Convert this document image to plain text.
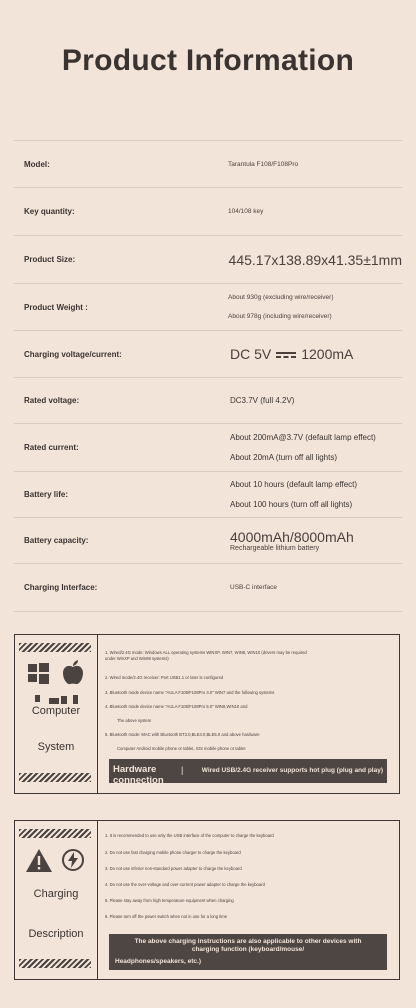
Product Information
Model:	Tarantula F108/F108Pro
Key quantity:	104/108 key
Product Size:	445.17x138.89x41.35±1mm
Product Weight :
About 930g (excluding wire/receiver)
About 978g (including wire/receiver)
Charging voltage/current:	DC 5V 1200mA
Rated voltage:	DC3.7V (full 4.2V)
Rated current:
About 200mA@3.7V (default lamp effect)
About 20mA (turn off all lights)
Battery life:
About 10 hours (default lamp effect)
About 100 hours (turn off all lights)
Battery capacity:	4000mAh/8000mAh
Rechargeable lithium battery
Charging Interface:	USB-C interface
Computer
System
1. Wired/2.4G mode: Windows ALL operating systems WINXP, WIN7, WIN8, WIN10 (drivers may be required
under WinXP and Win98 systems)
2. Wired mode/2.4G receiver: Port USB1.1 or later is configured
3. Bluetooth mode device name "AULA F108/F108Pro 3.0" WIN7 and the following systems
4. Bluetooth mode device name "AULA F108/F108Pro 5.0" WIN8,WIN10 and
The above system
5. Bluetooth mode: MAC with Bluetooth BT3.0,BLE4.0,BLE5.0 and above hardware
Computer Android mobile phone or tablet, IOS mobile phone or tablet
Hardware
connection
|	Wired USB/2.4G receiver supports hot plug (plug and play)
Charging
Description
1. It is recommended to use only the USB interface of the computer to charge the keyboard
2. Do not use fast charging mobile phone charger to charge the keyboard
3. Do not use inferior non-standard power adapter to charge the keyboard
4. Do not use the over-voltage and over-current power adapter to charge the keyboard
5. Please stay away from high temperature equipment when charging
6. Please turn off the power switch when not in use for a long time
The above charging instructions are also applicable to other devices with
charging function (keyboard/mouse/
Headphones/speakers, etc.)
